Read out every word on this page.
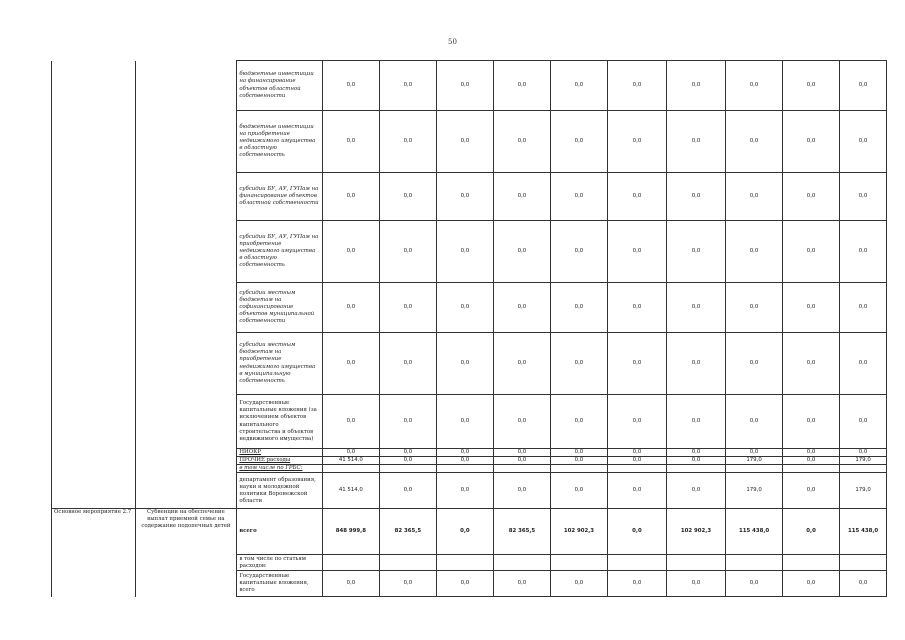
50
		бюджетные инвестиции на финансирование объектов областной собственности	0,0	0,0	0,0	0,0	0,0	0,0	0,0	0,0	0,0	0,0
		бюджетные инвестиции на приобретение недвижимого имущества в областную собственность	0,0	0,0	0,0	0,0	0,0	0,0	0,0	0,0	0,0	0,0
		субсидии БУ, АУ, ГУПам на финансирование объектов областной собственности	0,0	0,0	0,0	0,0	0,0	0,0	0,0	0,0	0,0	0,0
		субсидии БУ, АУ, ГУПам на приобретение недвижимого имущества в областную собственность	0,0	0,0	0,0	0,0	0,0	0,0	0,0	0,0	0,0	0,0
		субсидии местным бюджетам на софинансирование объектов муниципальной собственности	0,0	0,0	0,0	0,0	0,0	0,0	0,0	0,0	0,0	0,0
		субсидии местным бюджетам на приобретение недвижимого имущества в муниципальную собственность	0,0	0,0	0,0	0,0	0,0	0,0	0,0	0,0	0,0	0,0
		Государственные капитальные вложения (за исключением объектов капитального строительства и объектов недвижимого имущества)	0,0	0,0	0,0	0,0	0,0	0,0	0,0	0,0	0,0	0,0
		НИОКР	0,0	0,0	0,0	0,0	0,0	0,0	0,0	0,0	0,0	0,0
		ПРОЧИЕ расходы	41 514,0	0,0	0,0	0,0	0,0	0,0	0,0	179,0	0,0	179,0
		в том числе по ГРБС:										
		департамент образования, науки и молодежной политики Воронежской области	41 514,0	0,0	0,0	0,0	0,0	0,0	0,0	179,0	0,0	179,0
Основное мероприятие 2.7	Субвенции на обеспечение выплат приемной семье на содержание подопечных детей	всего	848 999,8	82 365,5	0,0	82 365,5	102 902,3	0,0	102 902,3	115 438,0	0,0	115 438,0
		в том числе по статьям расходов:										
		Государственные капитальные вложения, всего	0,0	0,0	0,0	0,0	0,0	0,0	0,0	0,0	0,0	0,0
